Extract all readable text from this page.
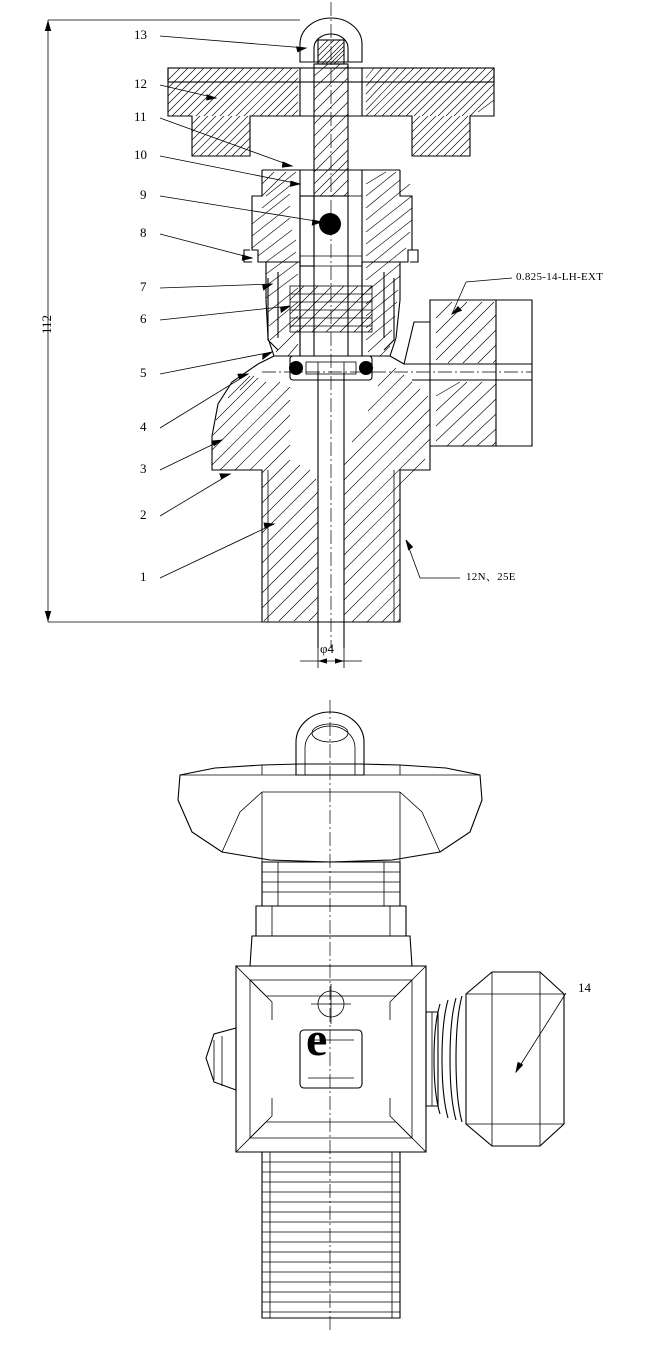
112
13
12
11
10
9
8
7
6
5
4
3
2
1
0.825-14-LH-EXT
12N、25E
φ4
14
e
